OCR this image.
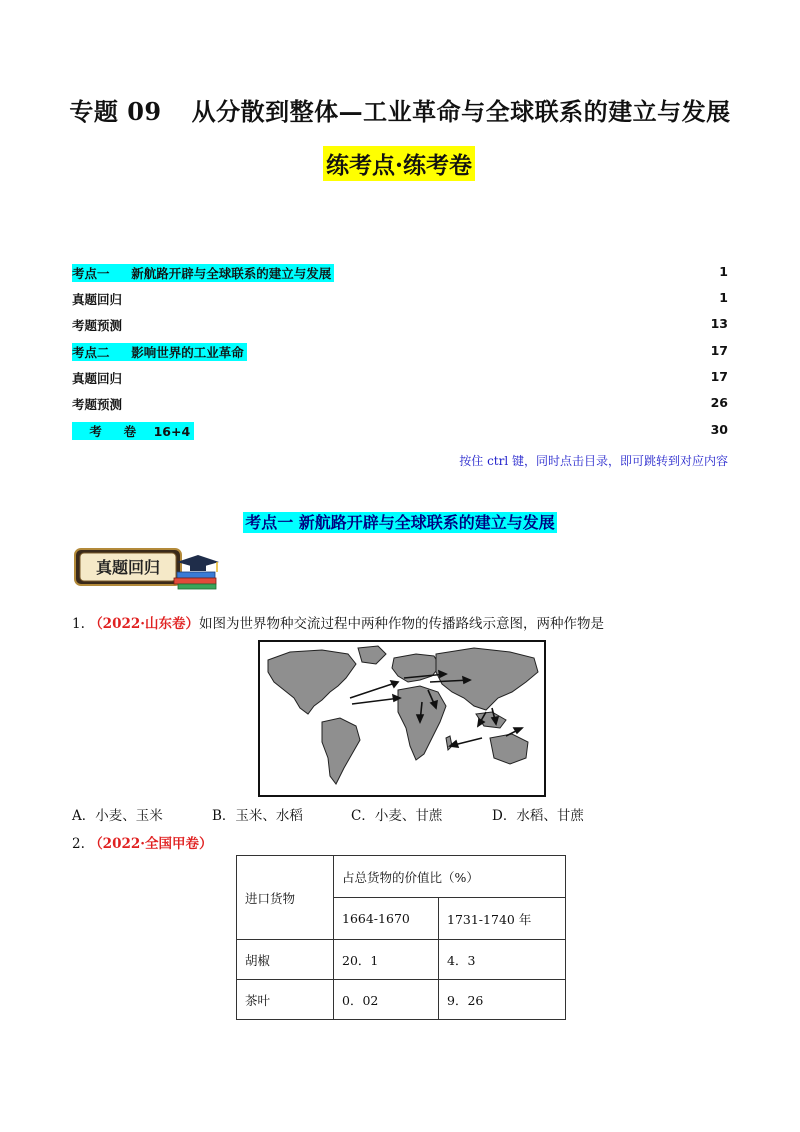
专题 09 从分散到整体—工业革命与全球联系的建立与发展
练考点·练考卷
考点一     新航路开辟与全球联系的建立与发展	1
真题回归	1
考题预测	13
考点二     影响世界的工业革命	17
真题回归	17
考题预测	26
考     卷    16+4	30
按住 ctrl 键，同时点击目录，即可跳转到对应内容
考点一 新航路开辟与全球联系的建立与发展
真题回归
1. （2022·山东卷）如图为世界物种交流过程中两种作物的传播路线示意图，两种作物是
A．小麦、玉米	B．玉米、水稻	C．小麦、甘蔗	D．水稻、甘蔗
2. （2022·全国甲卷）
进口货物	占总货物的价值比（%）	
	1664-1670	1731-1740 年
胡椒	20．1	4．3
茶叶	0．02	9．26
